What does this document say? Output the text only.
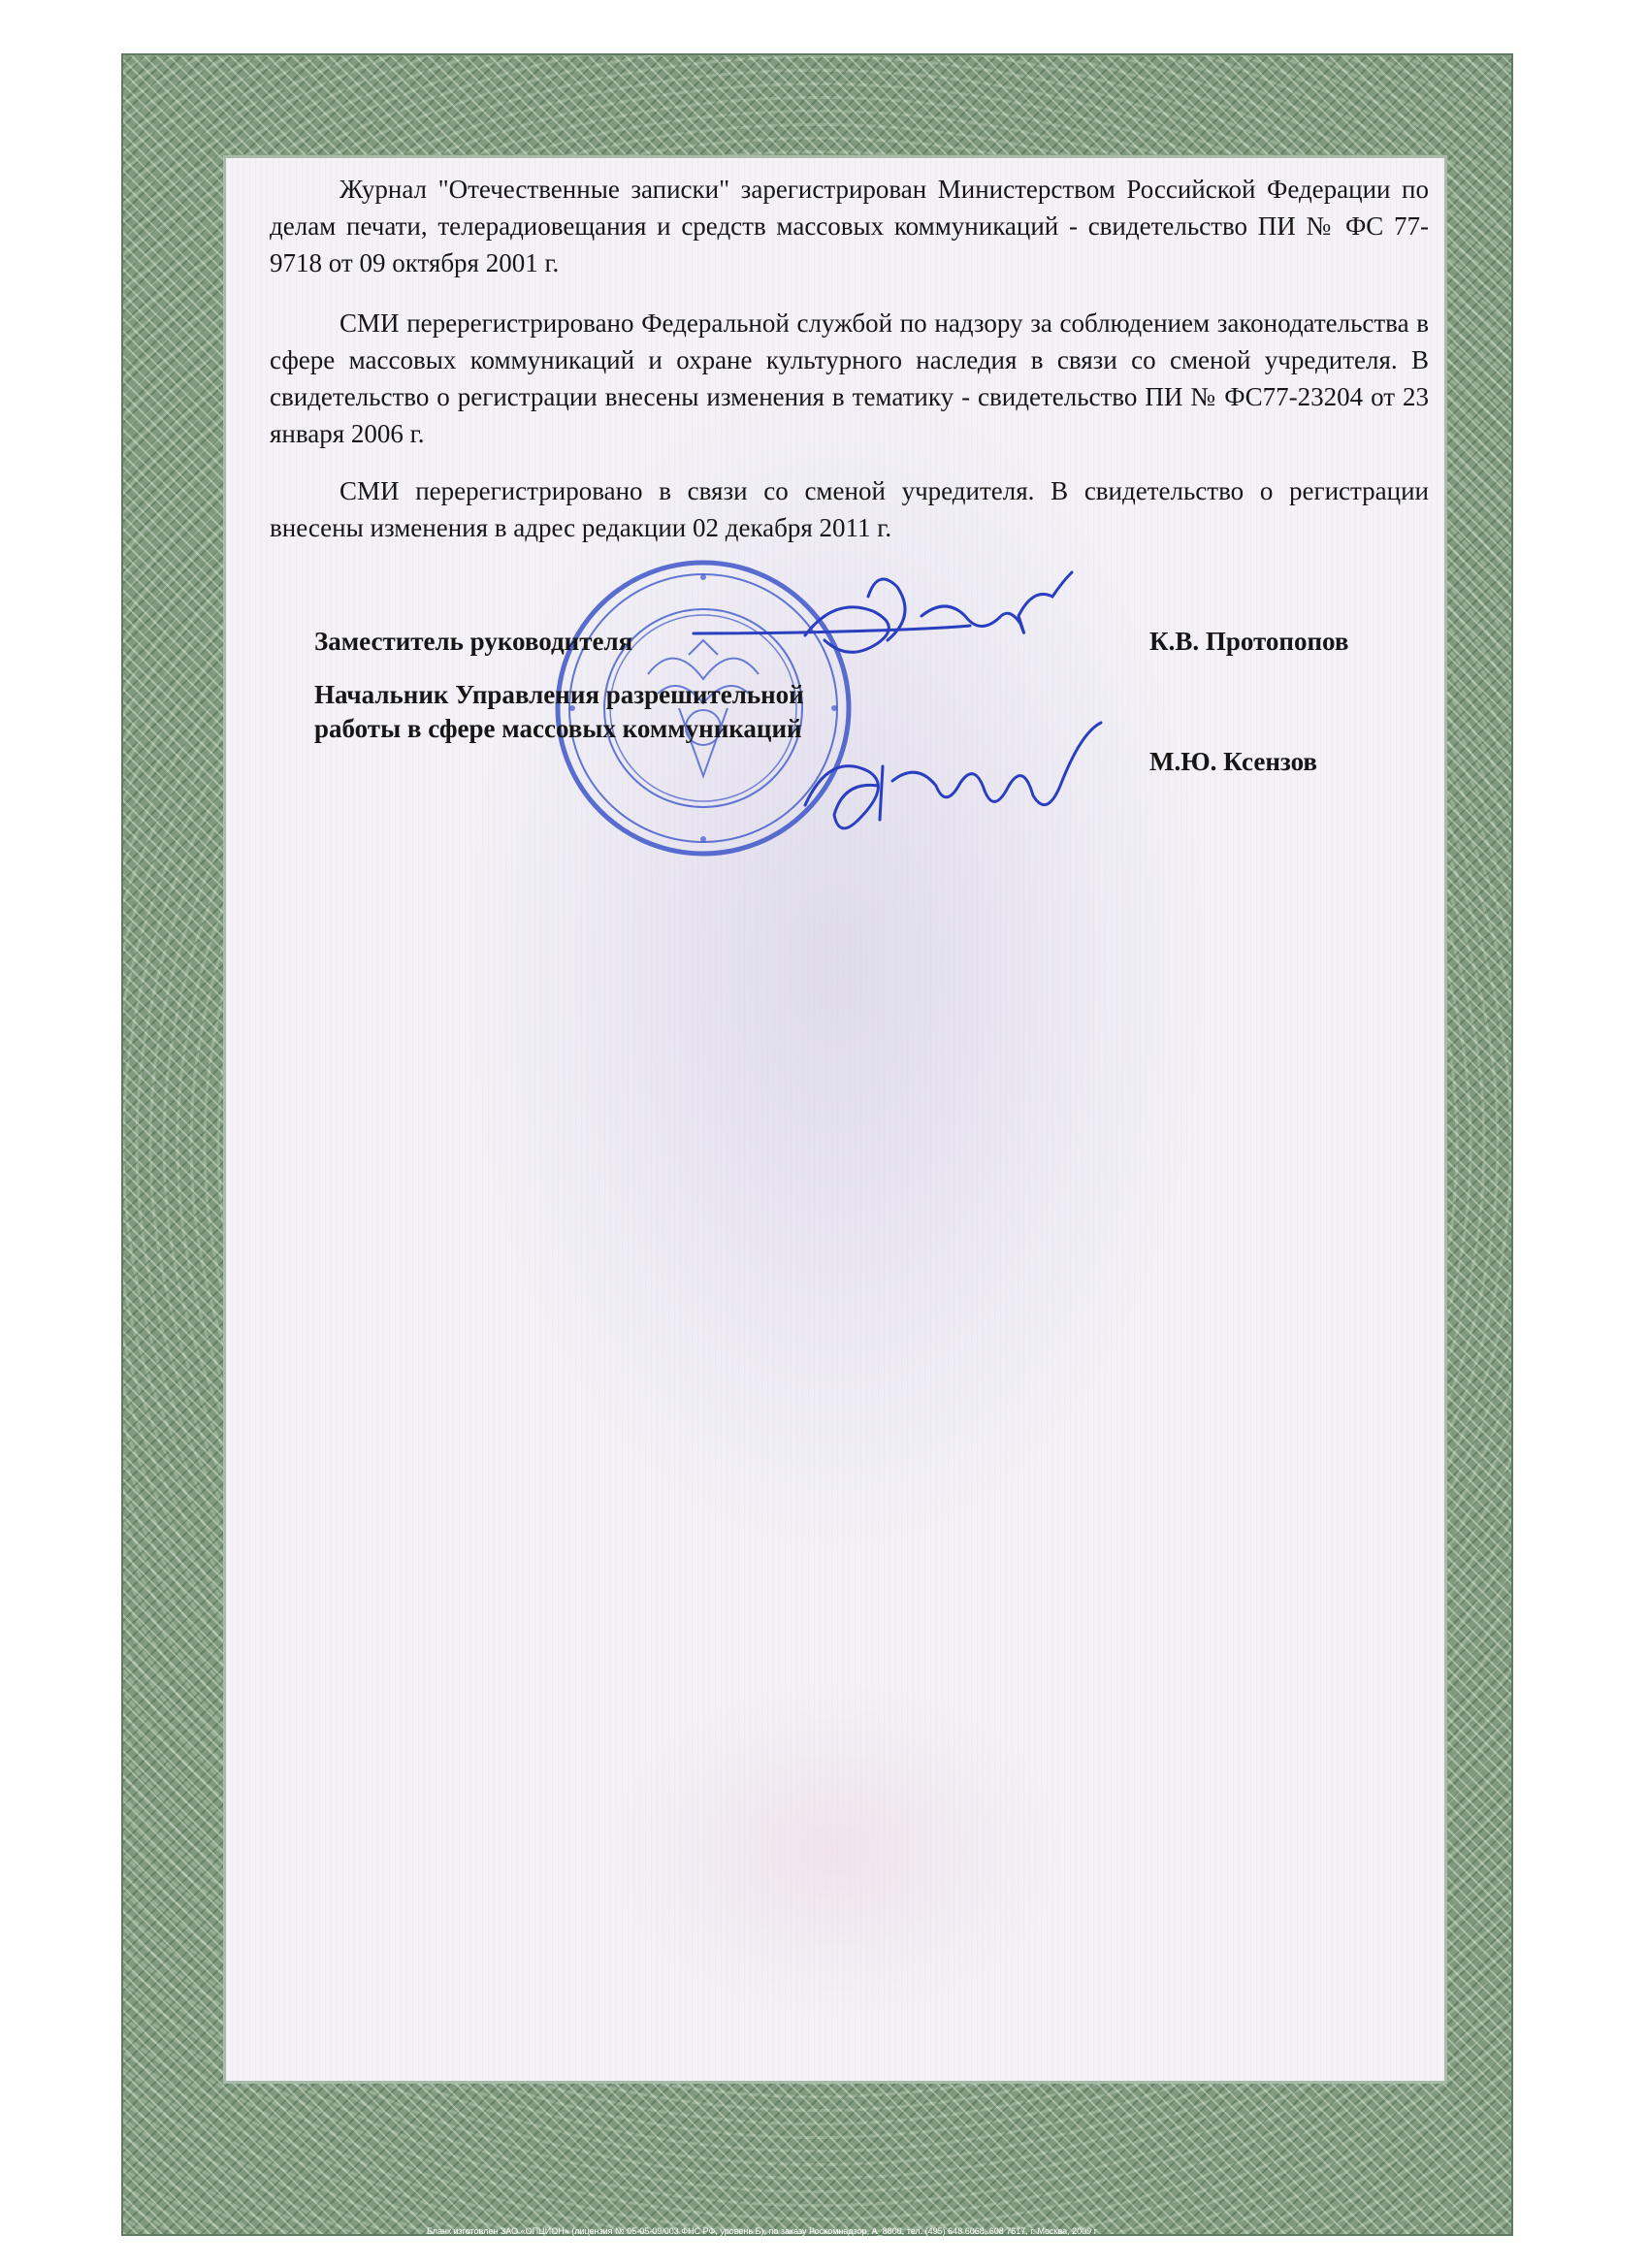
Журнал "Отечественные записки" зарегистрирован Министерством Российской Федерации по делам печати, телерадиовещания и средств массовых коммуникаций - свидетельство ПИ № ФС 77-9718 от 09 октября 2001 г.

СМИ перерегистрировано Федеральной службой по надзору за соблюдением законодательства в сфере массовых коммуникаций и охране культурного наследия в связи со сменой учредителя. В свидетельство о регистрации внесены изменения в тематику - свидетельство ПИ № ФС77-23204 от 23 января 2006 г.

СМИ перерегистрировано в связи со сменой учредителя. В свидетельство о регистрации внесены изменения в адрес редакции 02 декабря 2011 г.

Заместитель руководителя	К.В. Протопопов
Начальник Управления разрешительной работы в сфере массовых коммуникаций
М.Ю. Ксензов
Бланк изготовлен ЗАО «ОПЦИОН» (лицензия № 05-05-09/003 ФНС РФ, уровень Б), по заказу Роскомнадзор, А_8800, тел. (495) 648 6068, 608 7617, г. Москва, 2009 г
